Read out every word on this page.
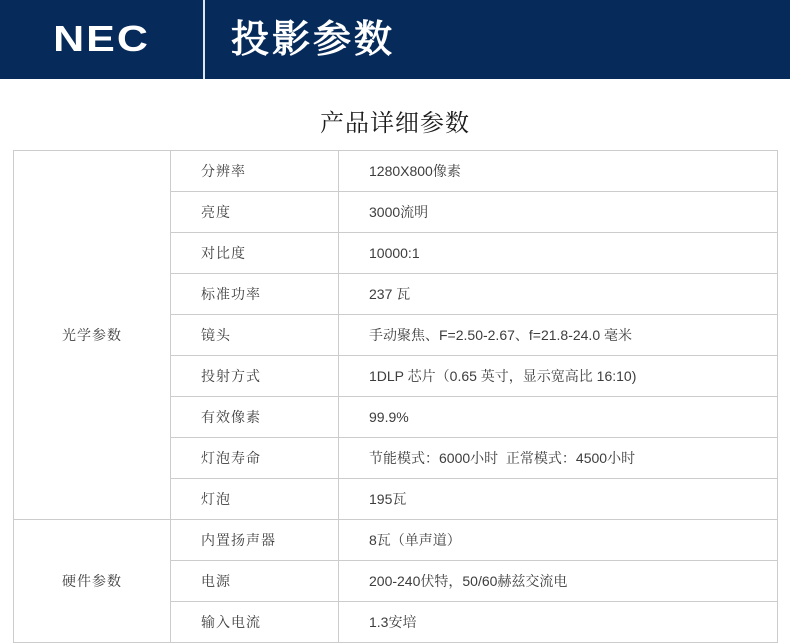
NEC	投影参数
产品详细参数
光学参数	分辨率	1280X800像素
	亮度	3000流明
	对比度	10000:1
	标准功率	237 瓦
	镜头	手动聚焦、F=2.50-2.67、f=21.8-24.0 毫米
	投射方式	1DLP 芯片（0.65 英寸，显示宽高比 16:10)
	有效像素	99.9%
	灯泡寿命	节能模式：6000小时  正常模式：4500小时
	灯泡	195瓦
硬件参数	内置扬声器	8瓦（单声道）
	电源	200-240伏特，50/60赫兹交流电
	输入电流	1.3安培
